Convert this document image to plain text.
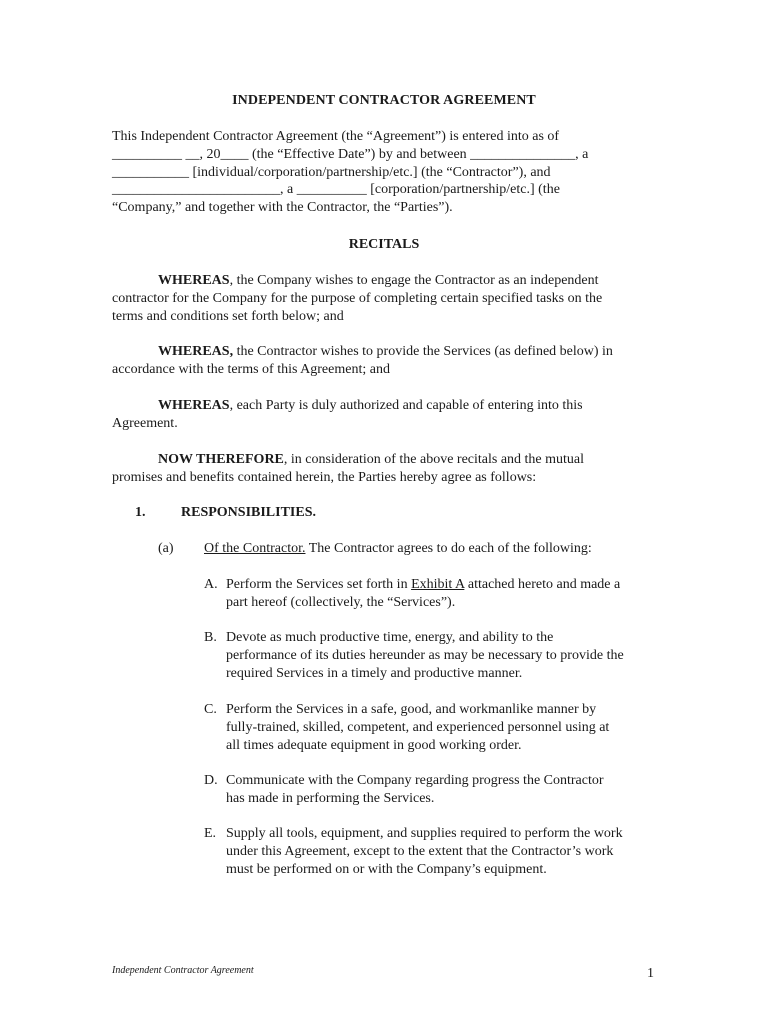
INDEPENDENT CONTRACTOR AGREEMENT
This Independent Contractor Agreement (the “Agreement”) is entered into as of
__________ __, 20____ (the “Effective Date”) by and between _______________, a
___________ [individual/corporation/partnership/etc.] (the “Contractor”), and
________________________, a __________ [corporation/partnership/etc.] (the
“Company,” and together with the Contractor, the “Parties”).
RECITALS
WHEREAS, the Company wishes to engage the Contractor as an independent
contractor for the Company for the purpose of completing certain specified tasks on the
terms and conditions set forth below; and
WHEREAS, the Contractor wishes to provide the Services (as defined below) in
accordance with the terms of this Agreement; and
WHEREAS, each Party is duly authorized and capable of entering into this
Agreement.
NOW THEREFORE, in consideration of the above recitals and the mutual
promises and benefits contained herein, the Parties hereby agree as follows:
1.	RESPONSIBILITIES.
(a) Of the Contractor. The Contractor agrees to do each of the following:
A. Perform the Services set forth in Exhibit A attached hereto and made a
part hereof (collectively, the “Services”).
B. Devote as much productive time, energy, and ability to the
performance of its duties hereunder as may be necessary to provide the
required Services in a timely and productive manner.
C. Perform the Services in a safe, good, and workmanlike manner by
fully-trained, skilled, competent, and experienced personnel using at
all times adequate equipment in good working order.
D. Communicate with the Company regarding progress the Contractor
has made in performing the Services.
E. Supply all tools, equipment, and supplies required to perform the work
under this Agreement, except to the extent that the Contractor’s work
must be performed on or with the Company’s equipment.
Independent Contractor Agreement	1
